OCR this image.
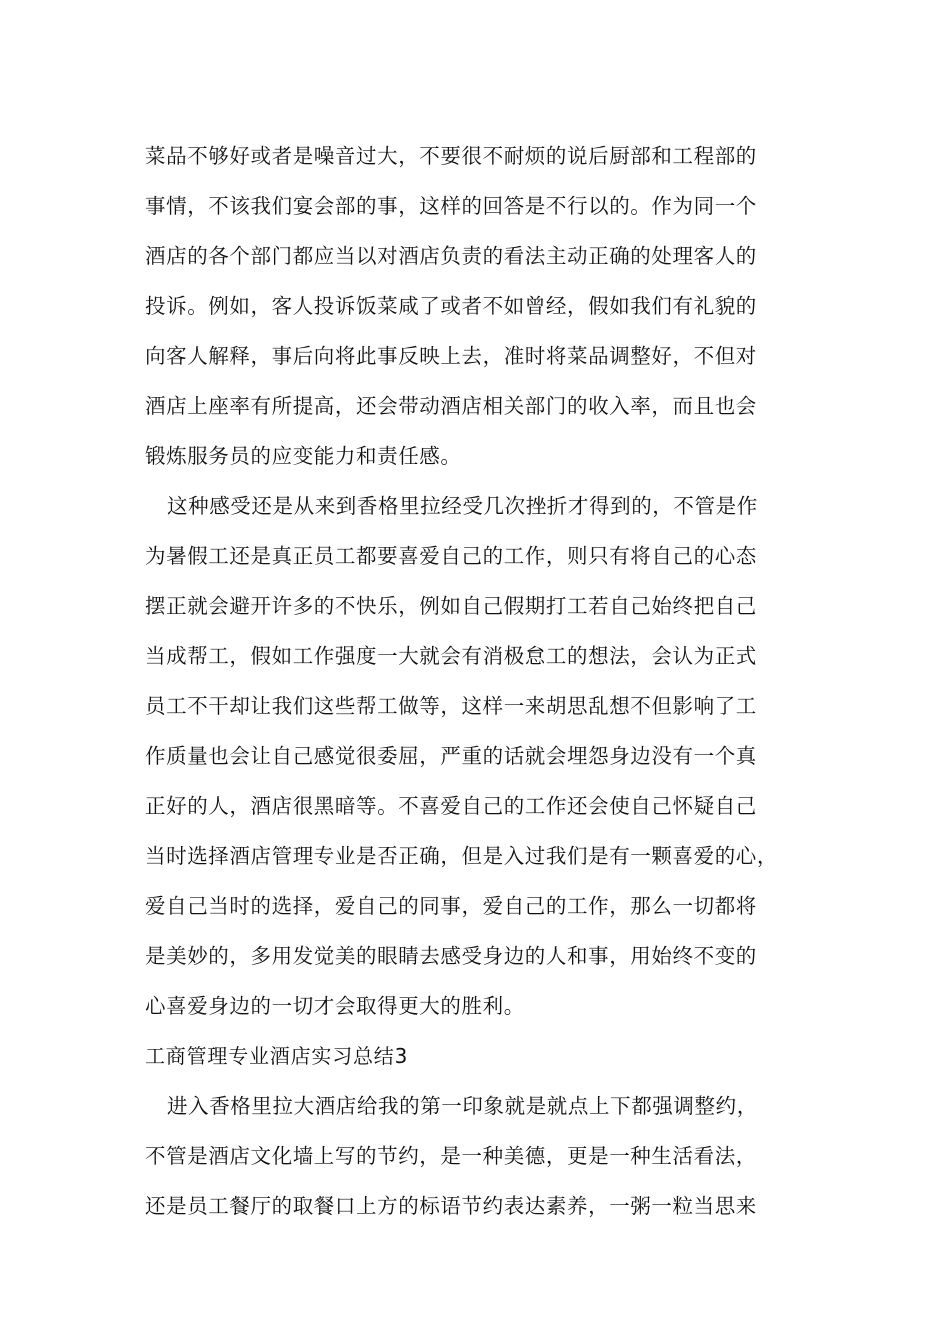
菜品不够好或者是噪音过大，不要很不耐烦的说后厨部和工程部的
事情，不该我们宴会部的事，这样的回答是不行以的。作为同一个
酒店的各个部门都应当以对酒店负责的看法主动正确的处理客人的
投诉。例如，客人投诉饭菜咸了或者不如曾经，假如我们有礼貌的
向客人解释，事后向将此事反映上去，准时将菜品调整好，不但对
酒店上座率有所提高，还会带动酒店相关部门的收入率，而且也会
锻炼服务员的应变能力和责任感。
这种感受还是从来到香格里拉经受几次挫折才得到的，不管是作
为暑假工还是真正员工都要喜爱自己的工作，则只有将自己的心态
摆正就会避开许多的不快乐，例如自己假期打工若自己始终把自己
当成帮工，假如工作强度一大就会有消极怠工的想法，会认为正式
员工不干却让我们这些帮工做等，这样一来胡思乱想不但影响了工
作质量也会让自己感觉很委屈，严重的话就会埋怨身边没有一个真
正好的人，酒店很黑暗等。不喜爱自己的工作还会使自己怀疑自己
当时选择酒店管理专业是否正确，但是入过我们是有一颗喜爱的心，
爱自己当时的选择，爱自己的同事，爱自己的工作，那么一切都将
是美妙的，多用发觉美的眼睛去感受身边的人和事，用始终不变的
心喜爱身边的一切才会取得更大的胜利。
工商管理专业酒店实习总结3
进入香格里拉大酒店给我的第一印象就是就点上下都强调整约，
不管是酒店文化墙上写的节约，是一种美德，更是一种生活看法，
还是员工餐厅的取餐口上方的标语节约表达素养，一粥一粒当思来
